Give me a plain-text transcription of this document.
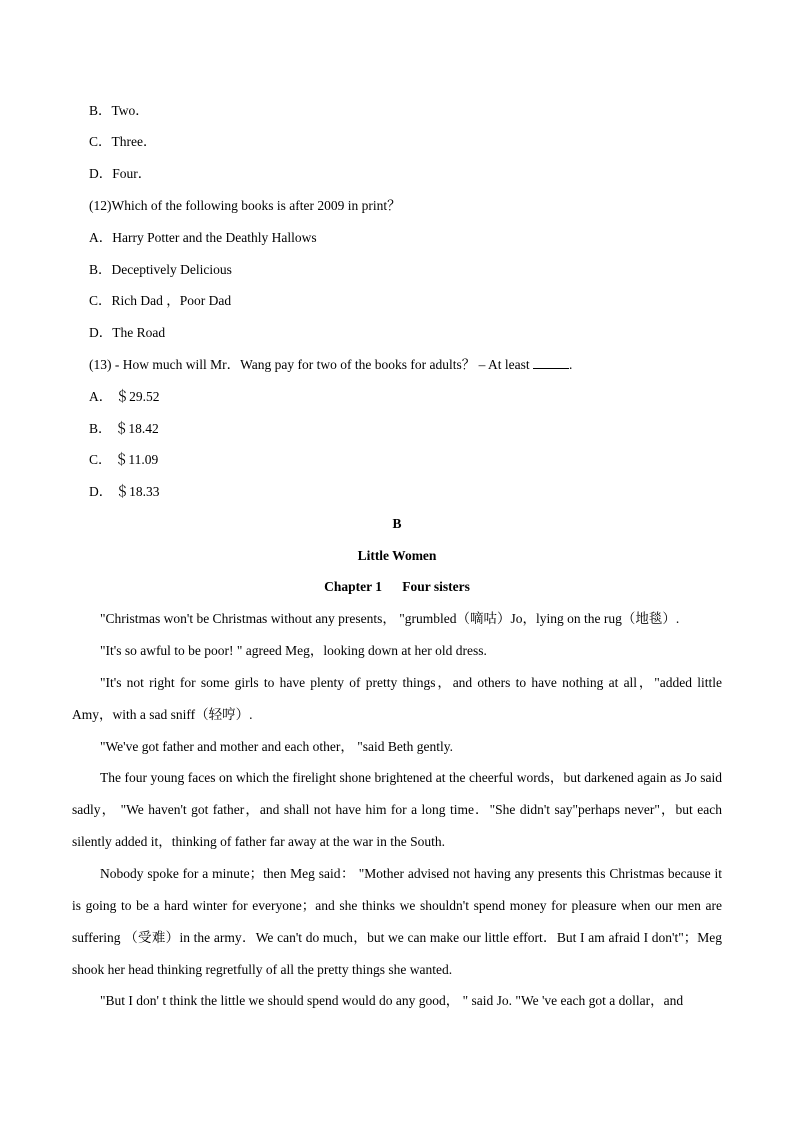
B．Two．
C．Three．
D．Four．
(12)Which of the following books is after 2009 in print？
A．Harry Potter and the Deathly Hallows
B．Deceptively Delicious
C．Rich Dad ，Poor Dad
D．The Road
(13) - How much will Mr．Wang pay for two of the books for adults？ – At least	.
A． ＄29.52
B． ＄18.42
C． ＄11.09
D． ＄18.33
B
Little Women
Chapter 1      Four sisters
"Christmas won't be Christmas without any presents， "grumbled（嘀咕）Jo，lying on the rug（地毯）.
"It's so awful to be poor! " agreed Meg，looking down at her old dress.
"It's not right for some girls to have plenty of pretty things，and others to have nothing at all，"added little Amy，with a sad sniff（轻哼）.
"We've got father and mother and each other， "said Beth gently.
The four young faces on which the firelight shone brightened at the cheerful words，but darkened again as Jo said sadly， "We haven't got father，and shall not have him for a long time．"She didn't say"perhaps never"，but each silently added it，thinking of father far away at the war in the South.
Nobody spoke for a minute；then Meg said： "Mother advised not having any presents this Christmas because it is going to be a hard winter for everyone；and she thinks we shouldn't spend money for pleasure when our men are suffering （受难）in the army．We can't do much，but we can make our little effort．But I am afraid I don't"；Meg shook her head thinking regretfully of all the pretty things she wanted.
"But I don' t think the little we should spend would do any good， " said Jo. "We 've each got a dollar，and
